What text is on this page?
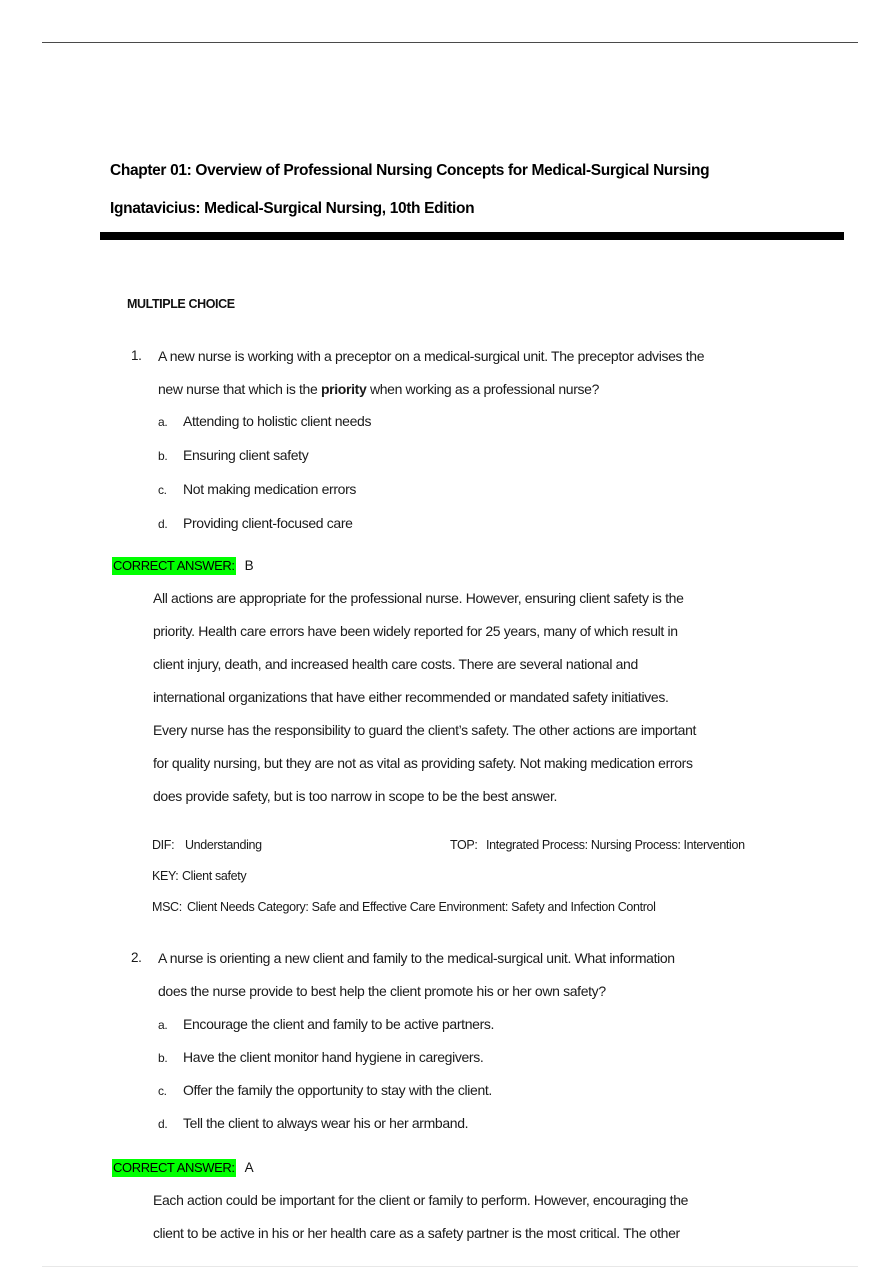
Chapter 01: Overview of Professional Nursing Concepts for Medical-Surgical Nursing
Ignatavicius: Medical-Surgical Nursing, 10th Edition
MULTIPLE CHOICE
1. A new nurse is working with a preceptor on a medical-surgical unit. The preceptor advises the
new nurse that which is the priority when working as a professional nurse?
a. Attending to holistic client needs
b. Ensuring client safety
c. Not making medication errors
d. Providing client-focused care
CORRECT ANSWER: B
All actions are appropriate for the professional nurse. However, ensuring client safety is the
priority. Health care errors have been widely reported for 25 years, many of which result in
client injury, death, and increased health care costs. There are several national and
international organizations that have either recommended or mandated safety initiatives.
Every nurse has the responsibility to guard the client’s safety. The other actions are important
for quality nursing, but they are not as vital as providing safety. Not making medication errors
does provide safety, but is too narrow in scope to be the best answer.
DIF: Understanding	TOP: Integrated Process: Nursing Process: Intervention
KEY: Client safety
MSC: Client Needs Category: Safe and Effective Care Environment: Safety and Infection Control
2. A nurse is orienting a new client and family to the medical-surgical unit. What information
does the nurse provide to best help the client promote his or her own safety?
a. Encourage the client and family to be active partners.
b. Have the client monitor hand hygiene in caregivers.
c. Offer the family the opportunity to stay with the client.
d. Tell the client to always wear his or her armband.
CORRECT ANSWER: A
Each action could be important for the client or family to perform. However, encouraging the
client to be active in his or her health care as a safety partner is the most critical. The other
